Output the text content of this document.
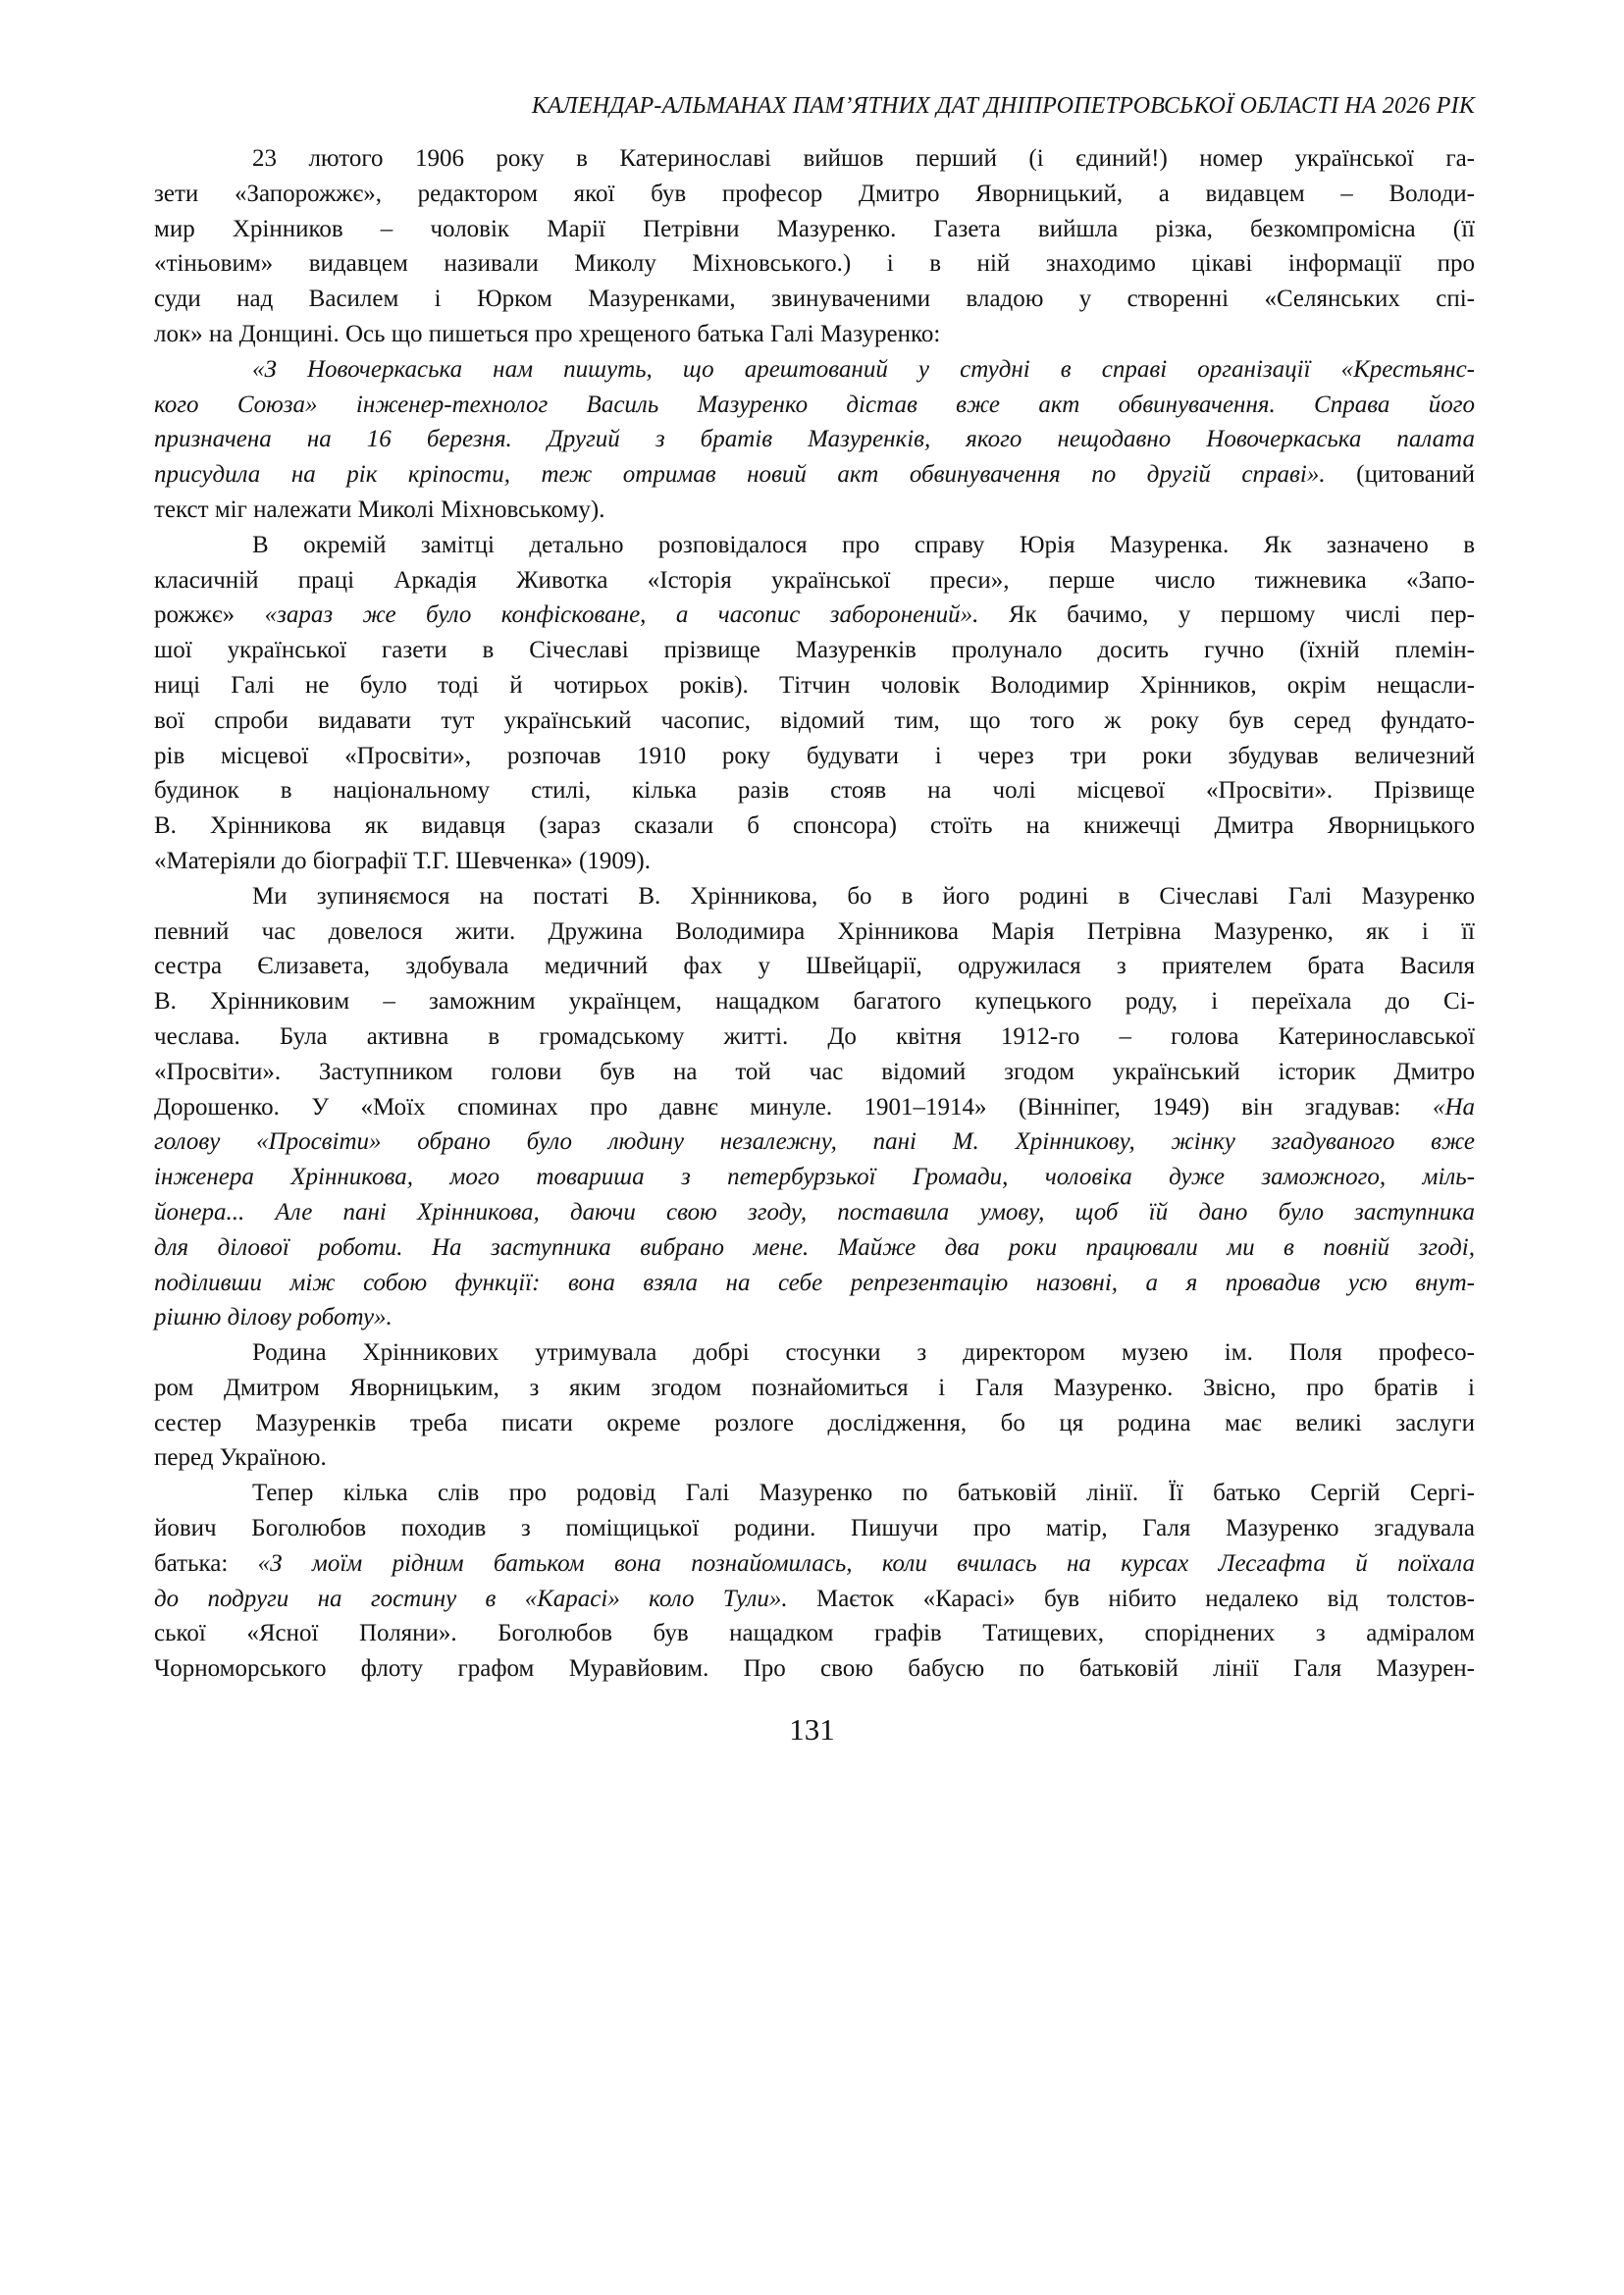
КАЛЕНДАР-АЛЬМАНАХ ПАМ’ЯТНИХ ДАТ ДНІПРОПЕТРОВСЬКОЇ ОБЛАСТІ НА 2026 РІК
23 лютого 1906 року в Катеринославі вийшов перший (і єдиний!) номер української га-
зети «Запорожжє», редактором якої був професор Дмитро Яворницький, а видавцем – Володи-
мир Хрінников – чоловік Марії Петрівни Мазуренко. Газета вийшла різка, безкомпромісна (її
«тіньовим» видавцем називали Миколу Міхновського.) і в ній знаходимо цікаві інформації про
суди над Василем і Юрком Мазуренками, звинуваченими владою у створенні «Селянських спі-
лок» на Донщині. Ось що пишеться про хрещеного батька Галі Мазуренко:
«З Новочеркаська нам пишуть, що арештований у студні в справі організації «Крестьянс-
кого Союза» інженер-технолог Василь Мазуренко дістав вже акт обвинувачення. Справа його
призначена на 16 березня. Другий з братів Мазуренків, якого нещодавно Новочеркаська палата
присудила на рік кріпости, теж отримав новий акт обвинувачення по другій справі». (цитований
текст міг належати Миколі Міхновському).
В окремій замітці детально розповідалося про справу Юрія Мазуренка. Як зазначено в
класичній праці Аркадія Животка «Історія української преси», перше число тижневика «Запо-
рожжє» «зараз же було конфісковане, а часопис заборонений». Як бачимо, у першому числі пер-
шої української газети в Січеславі прізвище Мазуренків пролунало досить гучно (їхній племін-
ниці Галі не було тоді й чотирьох років). Тітчин чоловік Володимир Хрінников, окрім нещасли-
вої спроби видавати тут український часопис, відомий тим, що того ж року був серед фундато-
рів місцевої «Просвіти», розпочав 1910 року будувати і через три роки збудував величезний
будинок в національному стилі, кілька разів стояв на чолі місцевої «Просвіти». Прізвище
В. Хрінникова як видавця (зараз сказали б спонсора) стоїть на книжечці Дмитра Яворницького
«Матеріяли до біографії Т.Г. Шевченка» (1909).
Ми зупиняємося на постаті В. Хрінникова, бо в його родині в Січеславі Галі Мазуренко
певний час довелося жити. Дружина Володимира Хрінникова Марія Петрівна Мазуренко, як і її
сестра Єлизавета, здобувала медичний фах у Швейцарії, одружилася з приятелем брата Василя
В. Хрінниковим – заможним українцем, нащадком багатого купецького роду, і переїхала до Сі-
чеслава. Була активна в громадському житті. До квітня 1912-го – голова Катеринославської
«Просвіти». Заступником голови був на той час відомий згодом український історик Дмитро
Дорошенко. У «Моїх споминах про давнє минуле. 1901–1914» (Вінніпег, 1949) він згадував: «На
голову «Просвіти» обрано було людину незалежну, пані М. Хрінникову, жінку згадуваного вже
інженера Хрінникова, мого товариша з петербурзької Громади, чоловіка дуже заможного, міль-
йонера... Але пані Хрінникова, даючи свою згоду, поставила умову, щоб їй дано було заступника
для ділової роботи. На заступника вибрано мене. Майже два роки працювали ми в повній згоді,
поділивши між собою функції: вона взяла на себе репрезентацію назовні, а я провадив усю внут-
рішню ділову роботу».
Родина Хрінникових утримувала добрі стосунки з директором музею ім. Поля професо-
ром Дмитром Яворницьким, з яким згодом познайомиться і Галя Мазуренко. Звісно, про братів і
сестер Мазуренків треба писати окреме розлоге дослідження, бо ця родина має великі заслуги
перед Україною.
Тепер кілька слів про родовід Галі Мазуренко по батьковій лінії. Її батько Сергій Сергі-
йович Боголюбов походив з поміщицької родини. Пишучи про матір, Галя Мазуренко згадувала
батька: «З моїм рідним батьком вона познайомилась, коли вчилась на курсах Лесгафта й поїхала
до подруги на гостину в «Карасі» коло Тули». Маєток «Карасі» був нібито недалеко від толстов-
ської «Ясної Поляни». Боголюбов був нащадком графів Татищевих, споріднених з адміралом
Чорноморського флоту графом Муравйовим. Про свою бабусю по батьковій лінії Галя Мазурен-
131
